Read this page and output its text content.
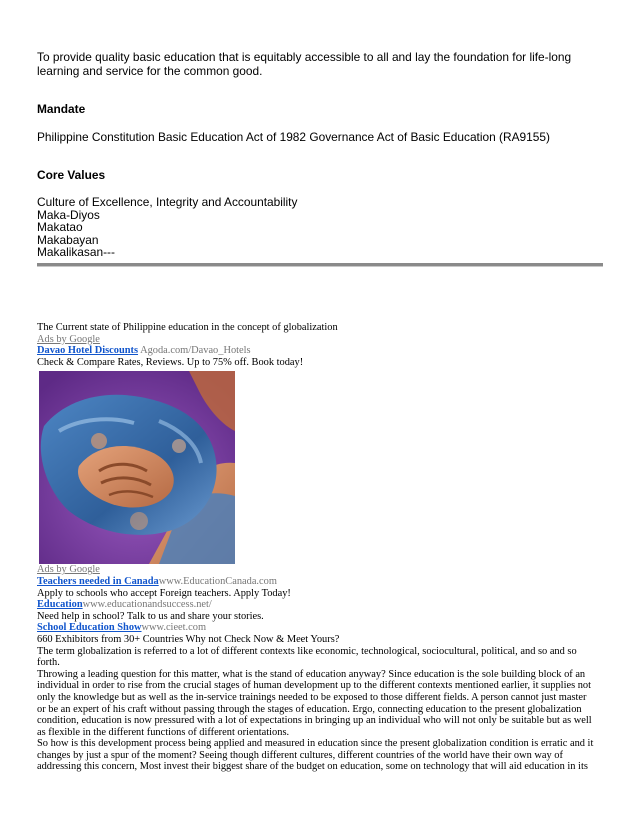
To provide quality basic education that is equitably accessible to all and lay the foundation for life-long learning and service for the common good.

Mandate
Philippine Constitution Basic Education Act of 1982 Governance Act of Basic Education (RA9155)
Core Values
Culture of Excellence, Integrity and Accountability
Maka-Diyos
Makatao
Makabayan
Makalikasan---
The Current state of Philippine education in the concept of globalization
Ads by Google
Davao Hotel Discounts Agoda.com/Davao_Hotels
Check & Compare Rates, Reviews. Up to 75% off. Book today!
Ads by Google
Teachers needed in Canadawww.EducationCanada.com
Apply to schools who accept Foreign teachers. Apply Today!
Educationwww.educationandsuccess.net/
Need help in school? Talk to us and share your stories.
School Education Showwww.cieet.com
660 Exhibitors from 30+ Countries Why not Check Now & Meet Yours?
The term globalization is referred to a lot of different contexts like economic, technological, sociocultural, political, and so and so forth.
Throwing a leading question for this matter, what is the stand of education anyway? Since education is the sole building block of an individual in order to rise from the crucial stages of human development up to the different contexts mentioned earlier, it supplies not only the knowledge but as well as the in-service trainings needed to be exposed to those different fields. A person cannot just master or be an expert of his craft without passing through the stages of education. Ergo, connecting education to the present globalization condition, education is now pressured with a lot of expectations in bringing up an individual who will not only be suitable but as well as flexible in the different functions of different orientations.
So how is this development process being applied and measured in education since the present globalization condition is erratic and it changes by just a spur of the moment? Seeing though different cultures, different countries of the world have their own way of addressing this concern, Most invest their biggest share of the budget on education, some on technology that will aid education in its
